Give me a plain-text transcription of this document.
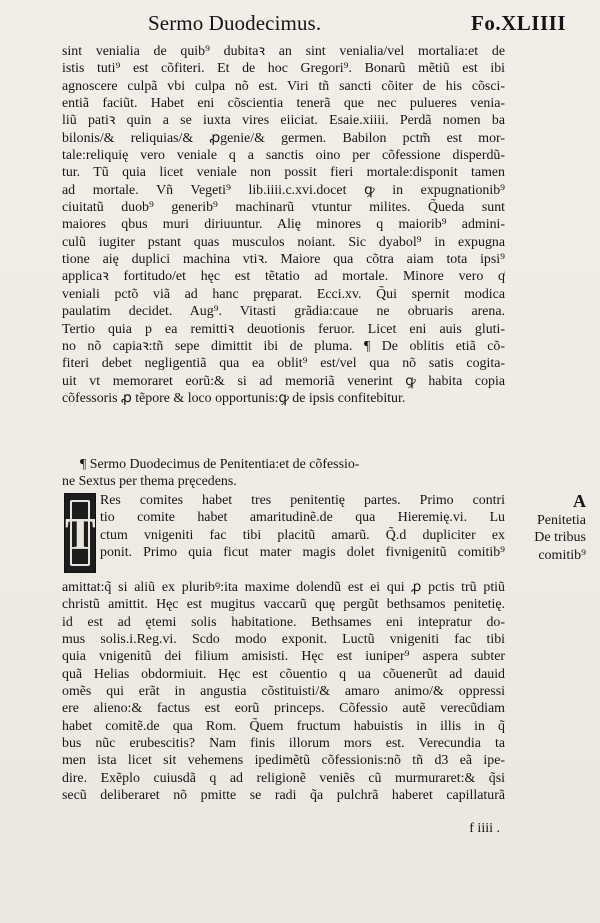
Sermo Duodecimus.	Fo.XLIIII
sint venialia de quib⁹ dubitaꝛ an sint venialia/vel mortalia:et de
istis tuti⁹ est cõfiteri. Et de hoc Gregori⁹. Bonarũ mẽtiũ est ibi
agnoscere culpã vbi culpa nõ est. Viri tñ sancti cõiter de his cõsci-
entiã faciũt. Habet eni cõscientia tenerã que nec pulueres venia-
liũ patiꝛ quin a se iuxta vires eiiciat. Esaie.xiiii. Perdã nomen ba
bilonis/& reliquias/& ꝓgenie/& germen. Babilon pctm̃ est mor-
tale:reliquię vero veniale q a sanctis oino per cõfessione disperdũ-
tur. Tũ quia licet veniale non possit fieri mortale:disponit tamen
ad mortale. Vñ Vegeti⁹ lib.iiii.c.xvi.docet ꝙ in expugnationib⁹
ciuitatũ duob⁹ generib⁹ machinarũ vtuntur milites. Q̃ueda sunt
maiores qbus muri diriuuntur. Alię minores q maiorib⁹ admini-
culũ iugiter pstant quas musculos noiant. Sic dyabol⁹ in expugna
tione aię duplici machina vtiꝛ. Maiore qua cõtra aiam tota ipsi⁹
applicaꝛ fortitudo/et hęc est tẽtatio ad mortale. Minore vero qͥ
veniali pctõ viã ad hanc pręparat. Ecci.xv. Q̃ui spernit modica
paulatim decidet. Aug⁹. Vitasti grãdia:caue ne obruaris arena.
Tertio quia p ea remittiꝛ deuotionis feruor. Licet eni auis gluti-
no nõ capiaꝛ:tñ sepe dimittit ibi de pluma. ¶ De oblitis etiã cõ-
fiteri debet negligentiã qua ea oblit⁹ est/vel qua nõ satis cogita-
uit vt memoraret eorũ:& si ad memoriã venerint ꝙ habita copia
cõfessoris ꝓ tẽpore & loco opportunis:ꝙ de ipsis confitebitur.
¶ Sermo Duodecimus de Penitentia:et de cõfessio-
ne Sextus per thema pręcedens.
T
Res comites habet tres penitentię partes. Primo contri
tio comite habet amaritudinẽ.de qua Hieremię.vi. Lu
ctum vnigeniti fac tibi placitũ amarũ. Q̃.d dupliciter ex
ponit. Primo quia ficut mater magis dolet fivnigenitũ comitib⁹
amittat:q̃ si aliũ ex pluribꝰ:ita maxime dolendũ est ei qui ꝓ pctis trũ ptiũ
christũ amittit. Hęc est mugitus vaccarũ quę pergũt bethsamos penitetię.
id est ad ętemi solis habitatione. Bethsames eni intepratur do-
mus solis.i.Reg.vi. Scdo modo exponit. Luctũ vnigeniti fac tibi
quia vnigenitũ dei filium amisisti. Hęc est iuniper⁹ aspera subter
quã Helias obdormiuit. Hęc est cõuentio q ua cõuenerũt ad dauid
omẽs qui erãt in angustia cõstituisti/& amaro animo/& oppressi
ere alieno:& factus est eorũ princeps. Cõfessio autẽ verecũdiam
habet comitẽ.de qua Rom. Q̃uem fructum habuistis in illis in q̃
bus nũc erubescitis? Nam finis illorum mors est. Verecundia ta
men ista licet sit vehemens ipedimẽtũ cõfessionis:nõ tñ d3 eã ipe-
dire. Exẽplo cuiusdã q ad religionẽ veniẽs cũ murmuraret:& q̃si
secũ deliberaret nõ pmitte se radi q̃a pulchrã haberet capillaturã
A
Penitetia
De tribus
comitib⁹
f iiii .
